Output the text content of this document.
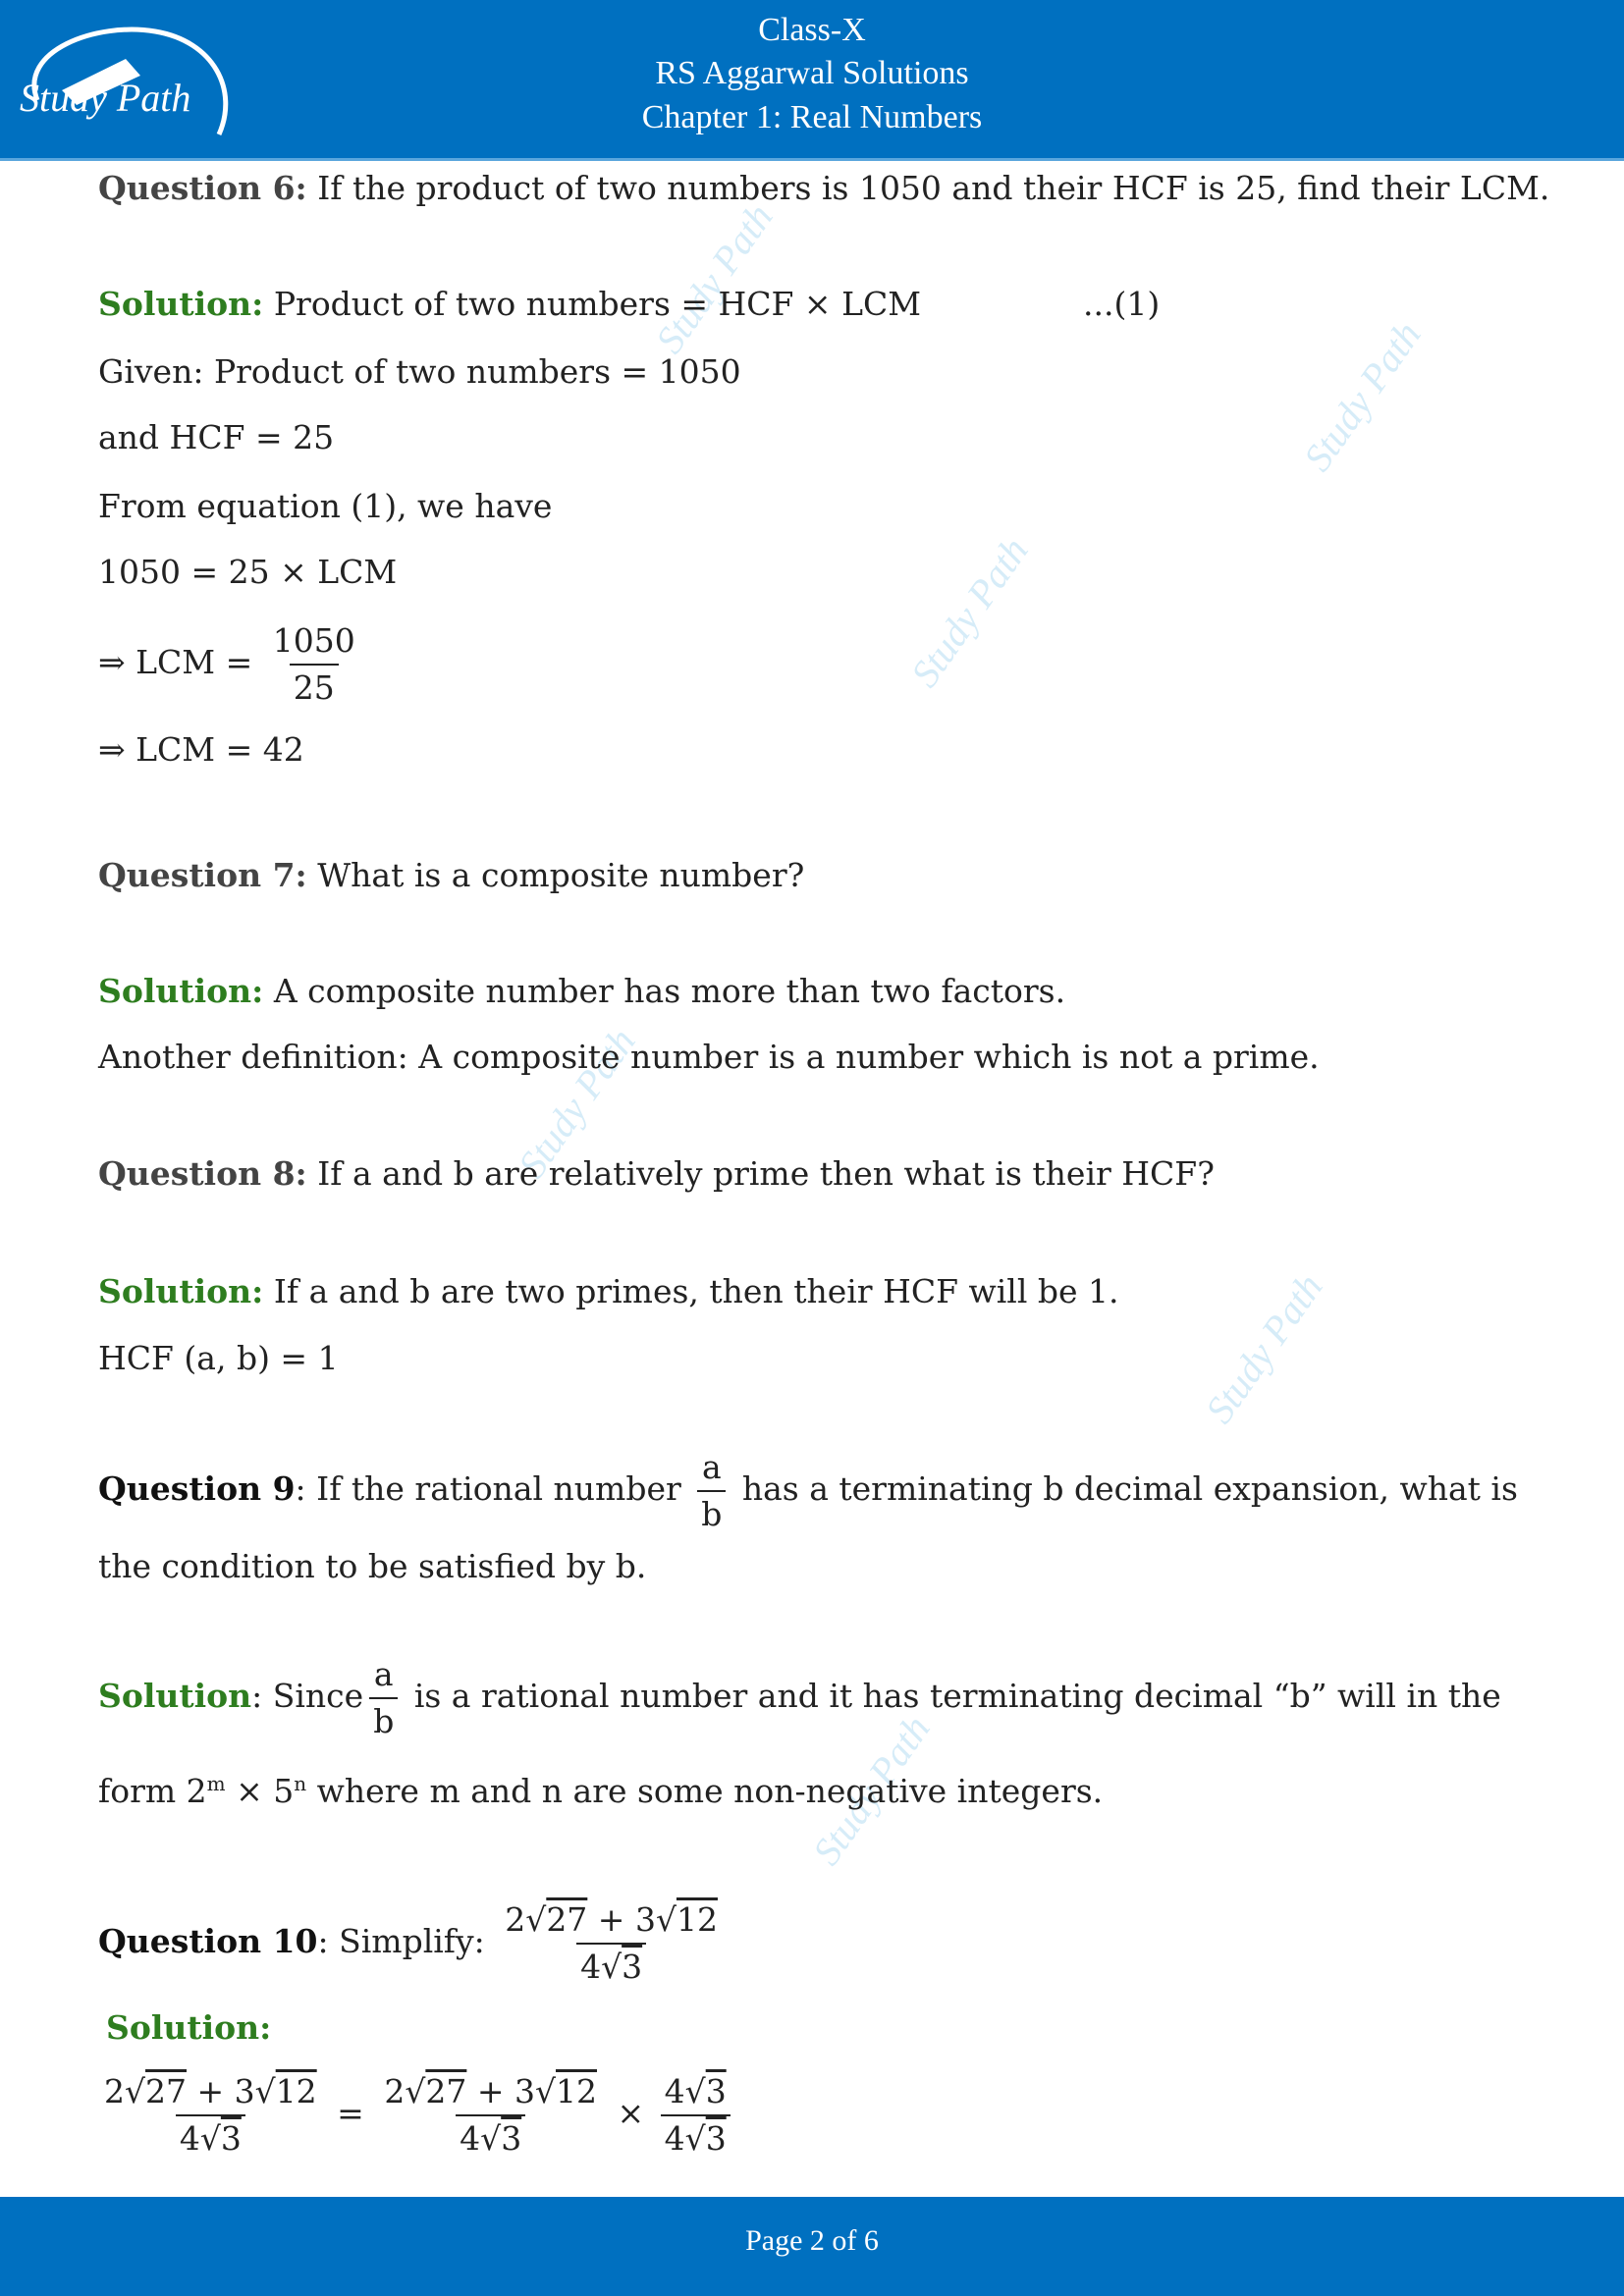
Study Path
Class-X
RS Aggarwal Solutions
Chapter 1: Real Numbers
Study Path
Study Path
Study Path
Study Path
Study Path
Study Path
Question 6: If the product of two numbers is 1050 and their HCF is 25, find their LCM.
Solution: Product of two numbers = HCF × LCM	...(1)
Given: Product of two numbers = 1050
and HCF = 25
From equation (1), we have
1050 = 25 × LCM
⇒ LCM = $\frac{1050}{25}$
⇒ LCM = 42
Question 7: What is a composite number?
Solution: A composite number has more than two factors.
Another definition: A composite number is a number which is not a prime.
Question 8: If a and b are relatively prime then what is their HCF?
Solution: If a and b are two primes, then their HCF will be 1.
HCF (a, b) = 1
Question 9: If the rational number $\frac{a}{b}$ has a terminating b decimal expansion, what is
the condition to be satisfied by b.
Solution: Since $\frac{a}{b}$ is a rational number and it has terminating decimal “b” will in the
form $2^m \times 5^n$ where m and n are some non-negative integers.
Question 10: Simplify: $\frac{2√27 + 3√12}{4√3}$
Solution:
$\frac{2√27 + 3√12}{4√3} = \frac{2√27 + 3√12}{4√3} \times \frac{4√3}{4√3}$
Page 2 of 6
